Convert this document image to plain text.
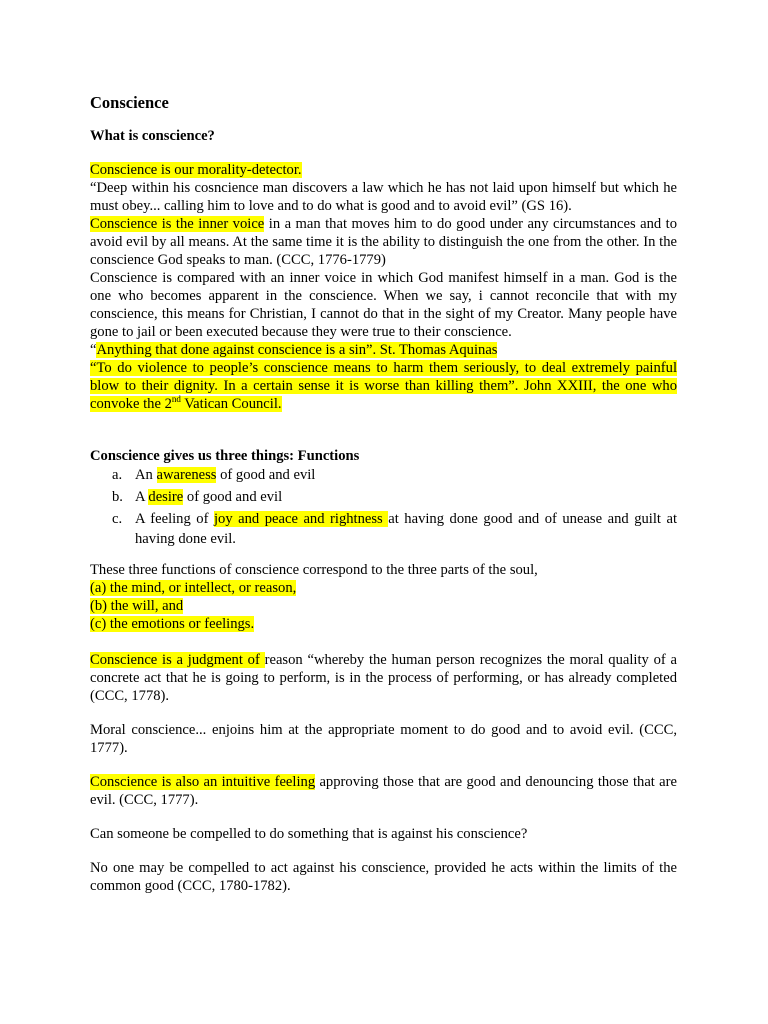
Conscience
What is conscience?

Conscience is our morality-detector.
“Deep within his cosncience man discovers a law which he has not laid upon himself but which he must obey... calling him to love and to do what is good and to avoid evil” (GS 16).
Conscience is the inner voice in a man that moves him to do good under any circumstances and to avoid evil by all means. At the same time it is the ability to distinguish the one from the other. In the conscience God speaks to man. (CCC, 1776-1779)
Conscience is compared with an inner voice in which God manifest himself in a man. God is the one who becomes apparent in the conscience. When we say, i cannot reconcile that with my conscience, this means for Christian, I cannot do that in the sight of my Creator. Many people have gone to jail or been executed because they were true to their conscience.
“Anything that done against conscience is a sin”. St. Thomas Aquinas
“To do violence to people’s conscience means to harm them seriously, to deal extremely painful blow to their dignity. In a certain sense it is worse than killing them”. John XXIII, the one who convoke the 2nd Vatican Council.

Conscience gives us three things: Functions
a. An awareness of good and evil
b. A desire of good and evil
c. A feeling of joy and peace and rightness at having done good and of unease and guilt at having done evil.

These three functions of conscience correspond to the three parts of the soul,
(a) the mind, or intellect, or reason,
(b) the will, and
(c) the emotions or feelings.

Conscience is a judgment of reason “whereby the human person recognizes the moral quality of a concrete act that he is going to perform, is in the process of performing, or has already completed (CCC, 1778).

Moral conscience... enjoins him at the appropriate moment to do good and to avoid evil. (CCC, 1777).

Conscience is also an intuitive feeling approving those that are good and denouncing those that are evil. (CCC, 1777).

Can someone be compelled to do something that is against his conscience?

No one may be compelled to act against his conscience, provided he acts within the limits of the common good (CCC, 1780-1782).
